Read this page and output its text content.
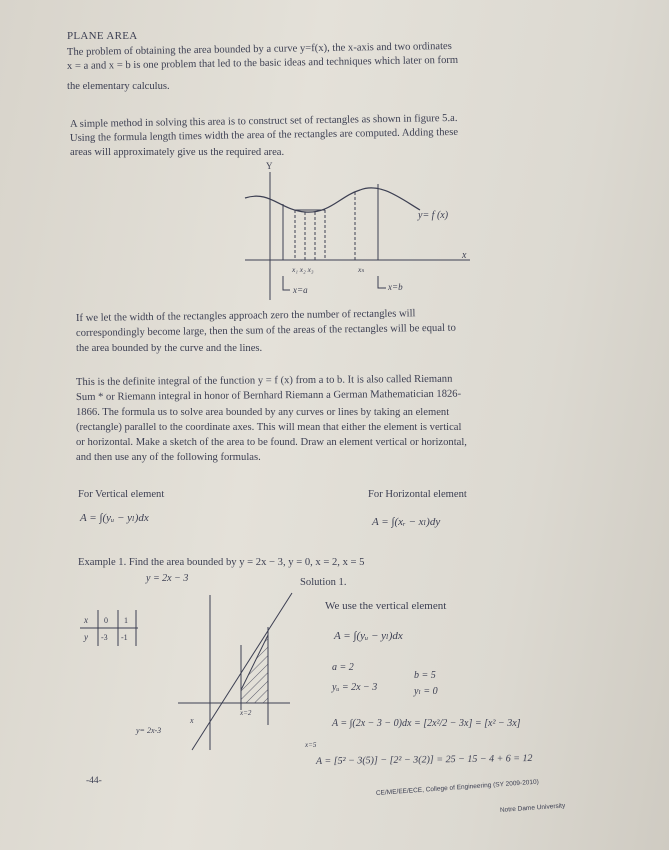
PLANE AREA
The problem of obtaining the area bounded by a curve y=f(x), the x-axis and two ordinates
x = a and x = b is one problem that led to the basic ideas and techniques which later on form
the elementary calculus.
A simple method in solving this area is to construct set of rectangles as shown in figure 5.a.
Using the formula length times width the area of the rectangles are computed. Adding these
areas will approximately give us the required area.
Y
x
y= f (x)
x₁ x₂ x₃	xₙ
x=a	x=b
If we let the width of the rectangles approach zero the number of rectangles will
correspondingly become large, then the sum of the areas of the rectangles will be equal to
the area bounded by the curve and the lines.
This is the definite integral of the function y = f (x) from a to b. It is also called Riemann
Sum * or Riemann integral in honor of Bernhard Riemann a German Mathematician 1826-
1866. The formula us to solve area bounded by any curves or lines by taking an element
(rectangle) parallel to the coordinate axes. This will mean that either the element is vertical
or horizontal. Make a sketch of the area to be found. Draw an element vertical or horizontal,
and then use any of the following formulas.
For Vertical element
A = ∫(yᵤ − yₗ)dx
For Horizontal element
A = ∫(xᵣ − xₗ)dy
Example 1. Find the area bounded by y = 2x − 3, y = 0, x = 2, x = 5
y = 2x − 3
x 0 1
y -3 -1
x
x=2
x=5
y= 2x-3
Solution 1.
We use the vertical element
A = ∫(yᵤ − yₗ)dx
a = 2
b = 5
yᵤ = 2x − 3	yₗ = 0
A = ∫(2x − 3 − 0)dx = [2x²/2 − 3x] = [x² − 3x]
A = [5² − 3(5)] − [2² − 3(2)] = 25 − 15 − 4 + 6 = 12
-44-	CE/ME/EE/ECE, College of Engineering (SY 2009-2010)
Notre Dame University
